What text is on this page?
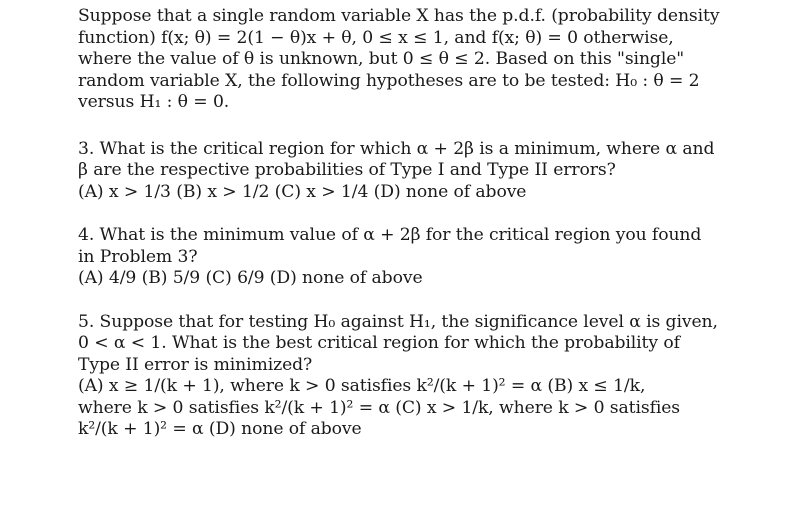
Suppose that a single random variable X has the p.d.f. (probability density
function) f(x; θ) = 2(1 − θ)x + θ, 0 ≤ x ≤ 1, and f(x; θ) = 0 otherwise,
where the value of θ is unknown, but 0 ≤ θ ≤ 2. Based on this "single"
random variable X, the following hypotheses are to be tested: H₀ : θ = 2
versus H₁ : θ = 0.

3. What is the critical region for which α + 2β is a minimum, where α and
β are the respective probabilities of Type I and Type II errors?
(A) x > 1/3 (B) x > 1/2 (C) x > 1/4 (D) none of above

4. What is the minimum value of α + 2β for the critical region you found
in Problem 3?
(A) 4/9 (B) 5/9 (C) 6/9 (D) none of above

5. Suppose that for testing H₀ against H₁, the significance level α is given,
0 < α < 1. What is the best critical region for which the probability of
Type II error is minimized?
(A) x ≥ 1/(k + 1), where k > 0 satisfies k²/(k + 1)² = α (B) x ≤ 1/k,
where k > 0 satisfies k²/(k + 1)² = α (C) x > 1/k, where k > 0 satisfies
k²/(k + 1)² = α (D) none of above
